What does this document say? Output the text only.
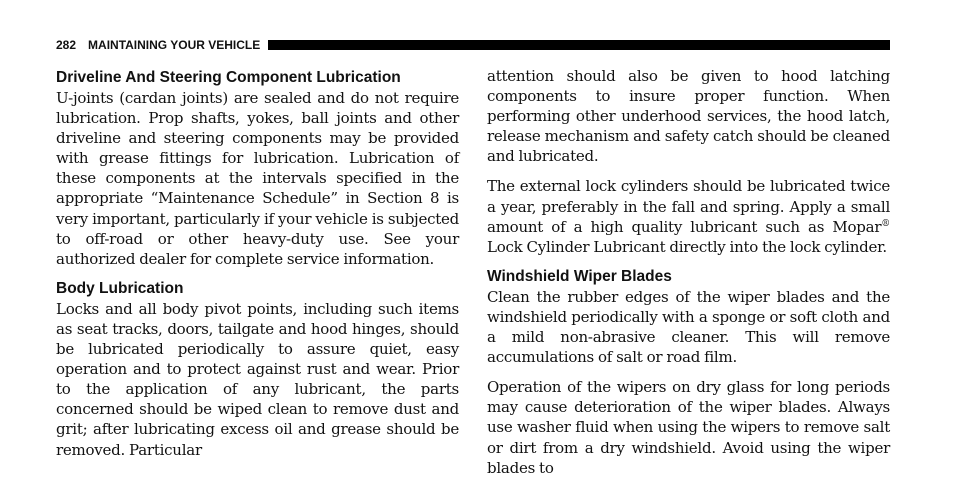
282 MAINTAINING YOUR VEHICLE
Driveline And Steering Component Lubrication

U-joints (cardan joints) are sealed and do not require lubrication. Prop shafts, yokes, ball joints and other driveline and steering components may be provided with grease fittings for lubrication. Lubrication of these components at the intervals specified in the appropriate “Maintenance Schedule” in Section 8 is very important, particularly if your vehicle is subjected to off-road or other heavy-duty use. See your authorized dealer for complete service information.

Body Lubrication

Locks and all body pivot points, including such items as seat tracks, doors, tailgate and hood hinges, should be lubricated periodically to assure quiet, easy operation and to protect against rust and wear. Prior to the application of any lubricant, the parts concerned should be wiped clean to remove dust and grit; after lubricating excess oil and grease should be removed. Particular

attention should also be given to hood latching components to insure proper function. When performing other underhood services, the hood latch, release mechanism and safety catch should be cleaned and lubricated.

The external lock cylinders should be lubricated twice a year, preferably in the fall and spring. Apply a small amount of a high quality lubricant such as Mopar® Lock Cylinder Lubricant directly into the lock cylinder.

Windshield Wiper Blades

Clean the rubber edges of the wiper blades and the windshield periodically with a sponge or soft cloth and a mild non-abrasive cleaner. This will remove accumulations of salt or road film.

Operation of the wipers on dry glass for long periods may cause deterioration of the wiper blades. Always use washer fluid when using the wipers to remove salt or dirt from a dry windshield. Avoid using the wiper blades to
